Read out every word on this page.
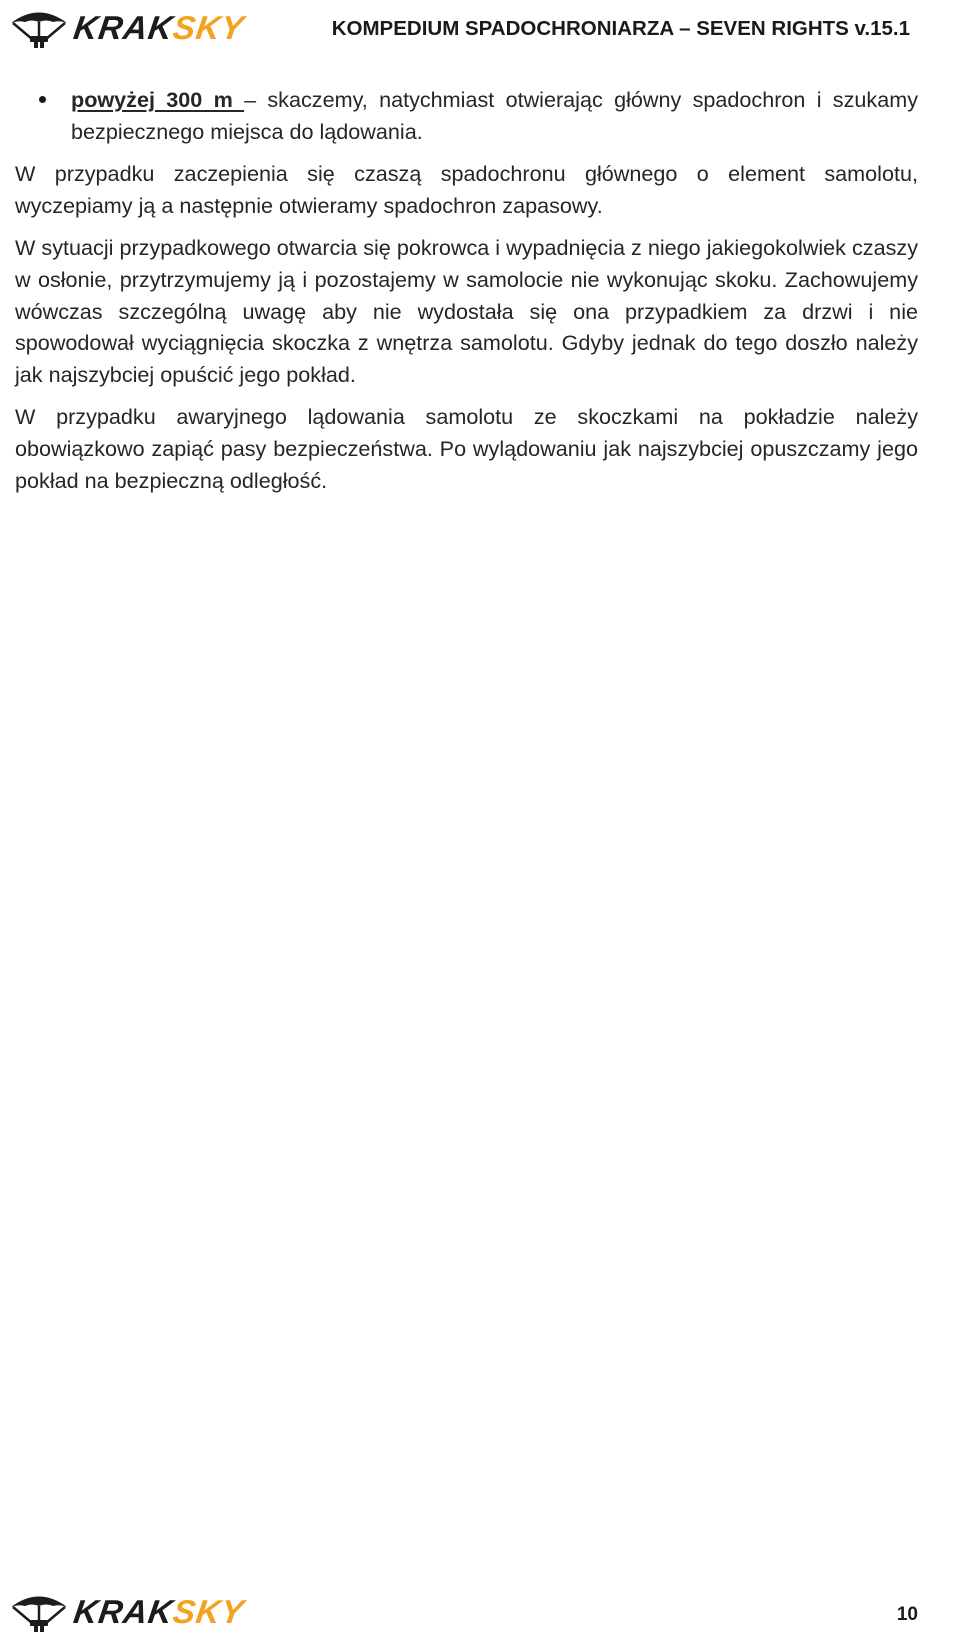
KRAKSKY	KOMPEDIUM SPADOCHRONIARZA – SEVEN RIGHTS v.15.1
powyżej 300 m – skaczemy, natychmiast otwierając główny spadochron i szukamy bezpiecznego miejsca do lądowania.

W przypadku zaczepienia się czaszą spadochronu głównego o element samolotu, wyczepiamy ją a następnie otwieramy spadochron zapasowy.

W sytuacji przypadkowego otwarcia się pokrowca i wypadnięcia z niego jakiegokolwiek czaszy w osłonie, przytrzymujemy ją i pozostajemy w samolocie nie wykonując skoku. Zachowujemy wówczas szczególną uwagę aby nie wydostała się ona przypadkiem za drzwi i nie spowodował wyciągnięcia skoczka z wnętrza samolotu. Gdyby jednak do tego doszło należy jak najszybciej opuścić jego pokład.

W przypadku awaryjnego lądowania samolotu ze skoczkami na pokładzie należy obowiązkowo zapiąć pasy bezpieczeństwa. Po wylądowaniu jak najszybciej opuszczamy jego pokład na bezpieczną odległość.

KRAKSKY	10
